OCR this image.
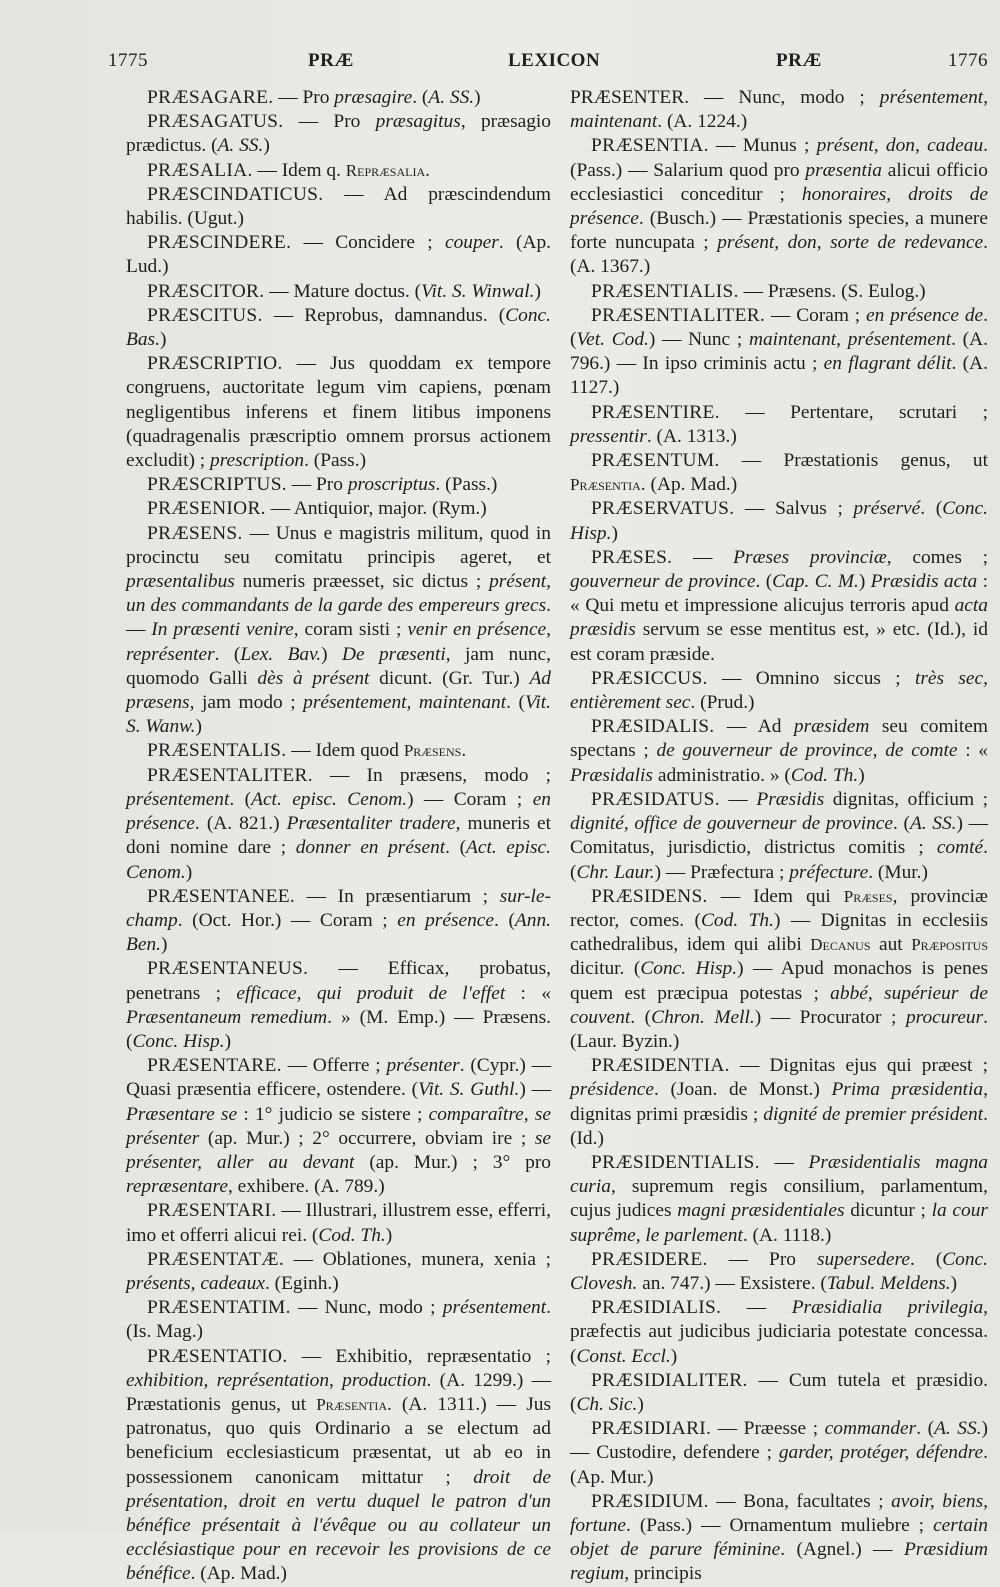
1775	PRÆ	LEXICON	PRÆ	1776

PRÆSAGARE. — Pro præsagire. (A. SS.)

PRÆSAGATUS. — Pro præsagitus, præsagio prædictus. (A. SS.)

PRÆSALIA. — Idem q. Repræsalia.

PRÆSCINDATICUS. — Ad præscindendum habilis. (Ugut.)

PRÆSCINDERE. — Concidere ; couper. (Ap. Lud.)

PRÆSCITOR. — Mature doctus. (Vit. S. Winwal.)

PRÆSCITUS. — Reprobus, damnandus. (Conc. Bas.)

PRÆSCRIPTIO. — Jus quoddam ex tempore congruens, auctoritate legum vim capiens, pœnam negligentibus inferens et finem litibus imponens (quadragenalis præscriptio omnem prorsus actionem excludit) ; prescription. (Pass.)

PRÆSCRIPTUS. — Pro proscriptus. (Pass.)

PRÆSENIOR. — Antiquior, major. (Rym.)

PRÆSENS. — Unus e magistris militum, quod in procinctu seu comitatu principis ageret, et præsentalibus numeris præesset, sic dictus ; présent, un des commandants de la garde des empereurs grecs. — In præsenti venire, coram sisti ; venir en présence, représenter. (Lex. Bav.) De præsenti, jam nunc, quomodo Galli dès à présent dicunt. (Gr. Tur.) Ad præsens, jam modo ; présentement, maintenant. (Vit. S. Wanw.)

PRÆSENTALIS. — Idem quod Præsens.

PRÆSENTALITER. — In præsens, modo ; présentement. (Act. episc. Cenom.) — Coram ; en présence. (A. 821.) Præsentaliter tradere, muneris et doni nomine dare ; donner en présent. (Act. episc. Cenom.)

PRÆSENTANEE. — In præsentiarum ; sur-le-champ. (Oct. Hor.) — Coram ; en présence. (Ann. Ben.)

PRÆSENTANEUS. — Efficax, probatus, penetrans ; efficace, qui produit de l'effet : « Præsentaneum remedium. » (M. Emp.) — Præsens. (Conc. Hisp.)

PRÆSENTARE. — Offerre ; présenter. (Cypr.) — Quasi præsentia efficere, ostendere. (Vit. S. Guthl.) — Præsentare se : 1° judicio se sistere ; comparaître, se présenter (ap. Mur.) ; 2° occurrere, obviam ire ; se présenter, aller au devant (ap. Mur.) ; 3° pro repræsentare, exhibere. (A. 789.)

PRÆSENTARI. — Illustrari, illustrem esse, efferri, imo et offerri alicui rei. (Cod. Th.)

PRÆSENTATÆ. — Oblationes, munera, xenia ; présents, cadeaux. (Eginh.)

PRÆSENTATIM. — Nunc, modo ; présentement. (Is. Mag.)

PRÆSENTATIO. — Exhibitio, repræsentatio ; exhibition, représentation, production. (A. 1299.) — Præstationis genus, ut Præsentia. (A. 1311.) — Jus patronatus, quo quis Ordinario a se electum ad beneficium ecclesiasticum præsentat, ut ab eo in possessionem canonicam mittatur ; droit de présentation, droit en vertu duquel le patron d'un bénéfice présentait à l'évêque ou au collateur un ecclésiastique pour en recevoir les provisions de ce bénéfice. (Ap. Mad.)

PRÆSENTER. — Nunc, modo ; présentement, maintenant. (A. 1224.)

PRÆSENTIA. — Munus ; présent, don, cadeau. (Pass.) — Salarium quod pro præsentia alicui officio ecclesiastici conceditur ; honoraires, droits de présence. (Busch.) — Præstationis species, a munere forte nuncupata ; présent, don, sorte de redevance. (A. 1367.)

PRÆSENTIALIS. — Præsens. (S. Eulog.)

PRÆSENTIALITER. — Coram ; en présence de. (Vet. Cod.) — Nunc ; maintenant, présentement. (A. 796.) — In ipso criminis actu ; en flagrant délit. (A. 1127.)

PRÆSENTIRE. — Pertentare, scrutari ; pressentir. (A. 1313.)

PRÆSENTUM. — Præstationis genus, ut Præsentia. (Ap. Mad.)

PRÆSERVATUS. — Salvus ; préservé. (Conc. Hisp.)

PRÆSES. — Præses provinciæ, comes ; gouverneur de province. (Cap. C. M.) Præsidis acta : « Qui metu et impressione alicujus terroris apud acta præsidis servum se esse mentitus est, » etc. (Id.), id est coram præside.

PRÆSICCUS. — Omnino siccus ; très sec, entièrement sec. (Prud.)

PRÆSIDALIS. — Ad præsidem seu comitem spectans ; de gouverneur de province, de comte : « Præsidalis administratio. » (Cod. Th.)

PRÆSIDATUS. — Præsidis dignitas, officium ; dignité, office de gouverneur de province. (A. SS.) — Comitatus, jurisdictio, districtus comitis ; comté. (Chr. Laur.) — Præfectura ; préfecture. (Mur.)

PRÆSIDENS. — Idem qui Præses, provinciæ rector, comes. (Cod. Th.) — Dignitas in ecclesiis cathedralibus, idem qui alibi Decanus aut Præpositus dicitur. (Conc. Hisp.) — Apud monachos is penes quem est præcipua potestas ; abbé, supérieur de couvent. (Chron. Mell.) — Procurator ; procureur. (Laur. Byzin.)

PRÆSIDENTIA. — Dignitas ejus qui præest ; présidence. (Joan. de Monst.) Prima præsidentia, dignitas primi præsidis ; dignité de premier président. (Id.)

PRÆSIDENTIALIS. — Præsidentialis magna curia, supremum regis consilium, parlamentum, cujus judices magni præsidentiales dicuntur ; la cour suprême, le parlement. (A. 1118.)

PRÆSIDERE. — Pro supersedere. (Conc. Clovesh. an. 747.) — Exsistere. (Tabul. Meldens.)

PRÆSIDIALIS. — Præsidialia privilegia, præfectis aut judicibus judiciaria potestate concessa. (Const. Eccl.)

PRÆSIDIALITER. — Cum tutela et præsidio. (Ch. Sic.)

PRÆSIDIARI. — Præesse ; commander. (A. SS.) — Custodire, defendere ; garder, protéger, défendre. (Ap. Mur.)

PRÆSIDIUM. — Bona, facultates ; avoir, biens, fortune. (Pass.) — Ornamentum muliebre ; certain objet de parure féminine. (Agnel.) — Præsidium regium, principis
